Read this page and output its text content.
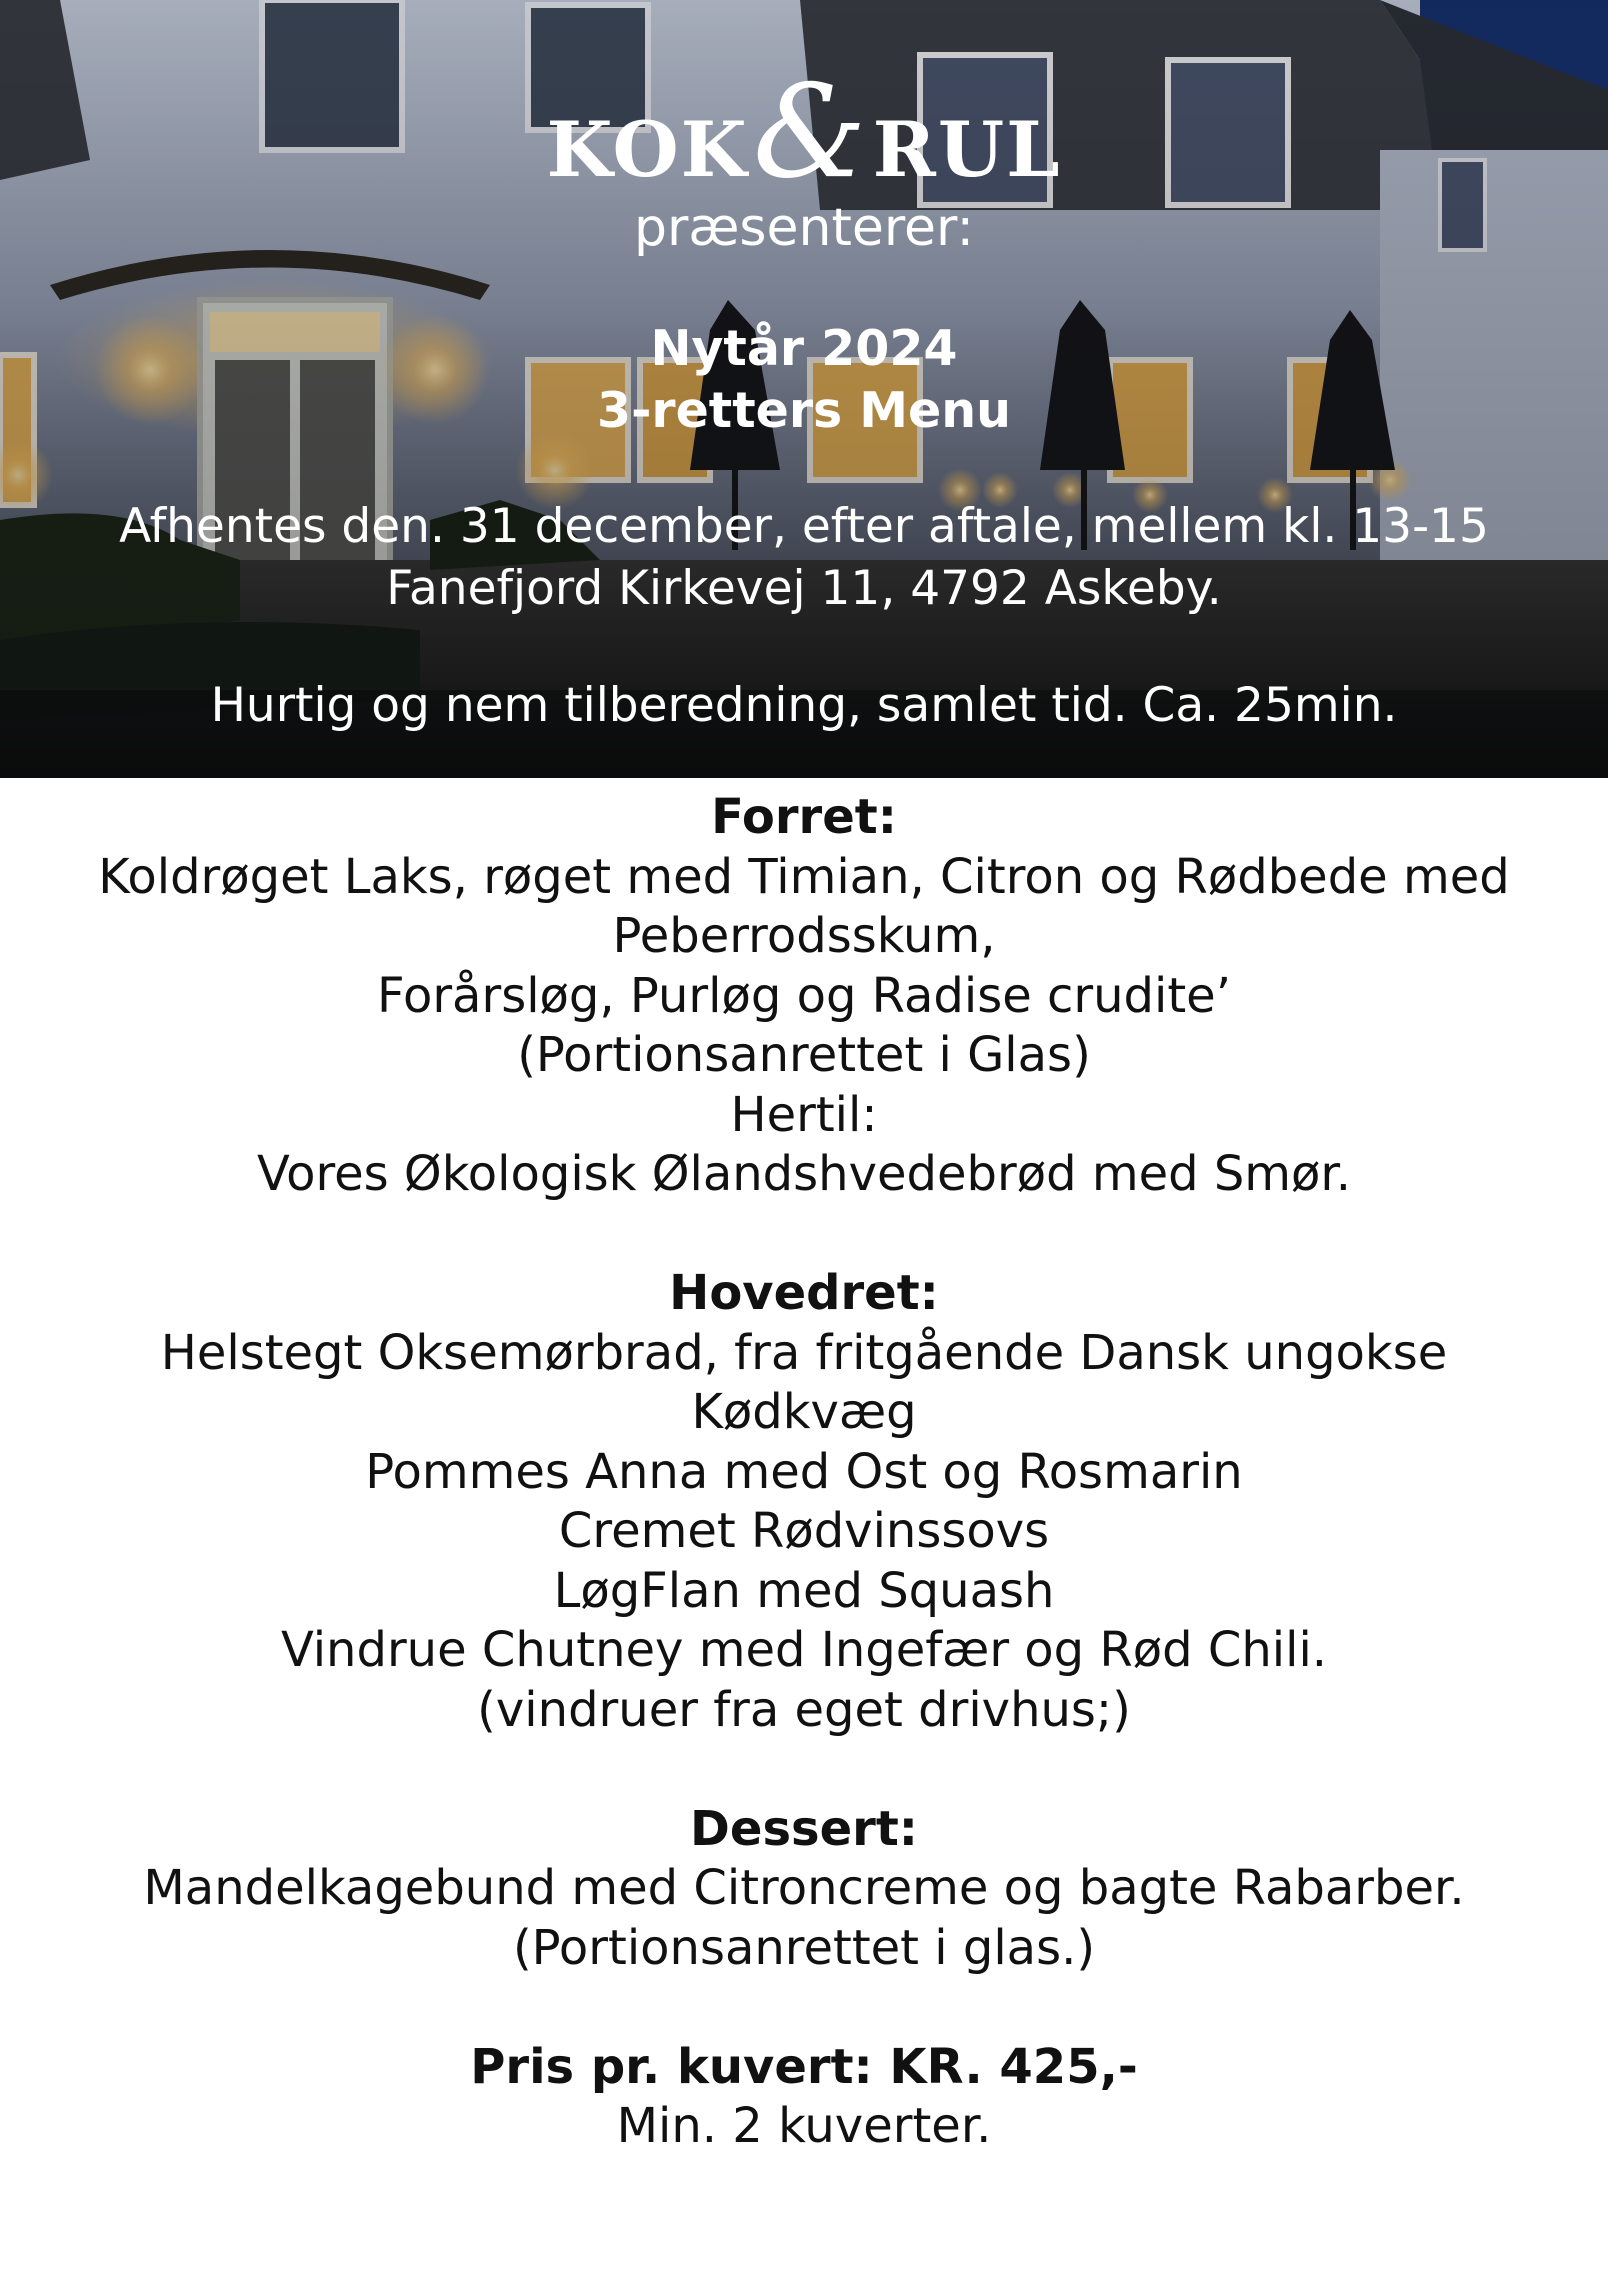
KOK&RUL
præsenterer:
Nytår 2024
3-retters Menu
Afhentes den. 31 december, efter aftale, mellem kl. 13-15
Fanefjord Kirkevej 11, 4792 Askeby.
Hurtig og nem tilberedning, samlet tid. Ca. 25min.
Forret:
Koldrøget Laks, røget med Timian, Citron og Rødbede med
Peberrodsskum,
Forårsløg, Purløg og Radise crudite’
(Portionsanrettet i Glas)
Hertil:
Vores Økologisk Ølandshvedebrød med Smør.
Hovedret:
Helstegt Oksemørbrad, fra fritgående Dansk ungokse
Kødkvæg
Pommes Anna med Ost og Rosmarin
Cremet Rødvinssovs
LøgFlan med Squash
Vindrue Chutney med Ingefær og Rød Chili.
(vindruer fra eget drivhus;)
Dessert:
Mandelkagebund med Citroncreme og bagte Rabarber.
(Portionsanrettet i glas.)
Pris pr. kuvert: KR. 425,-
Min. 2 kuverter.
